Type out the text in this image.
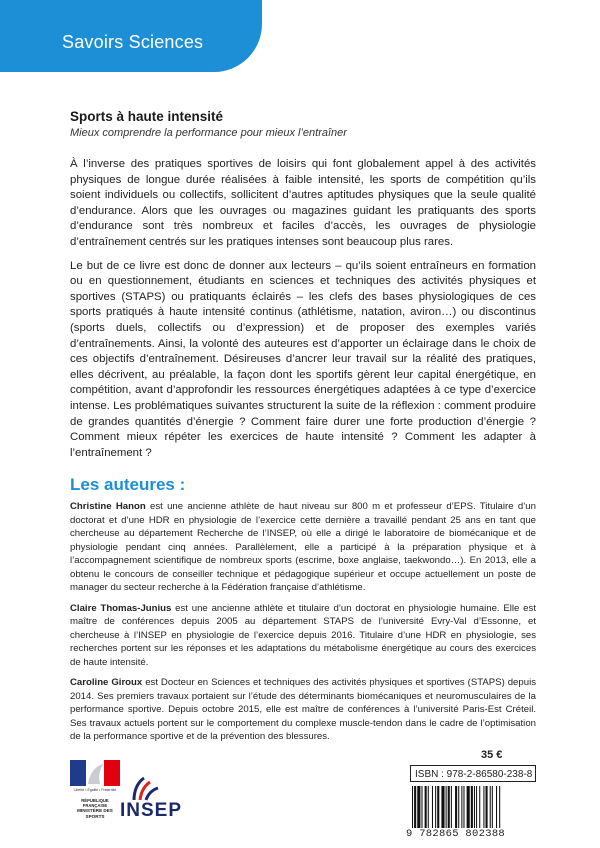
Savoirs Sciences
Sports à haute intensité
Mieux comprendre la performance pour mieux l’entraîner

À l’inverse des pratiques sportives de loisirs qui font globalement appel à des activités physiques de longue durée réalisées à faible intensité, les sports de compétition qu’ils soient individuels ou collectifs, sollicitent d’autres aptitudes physiques que la seule qualité d’endurance. Alors que les ouvrages ou magazines guidant les pratiquants des sports d’endurance sont très nombreux et faciles d’accès, les ouvrages de physiologie d’entraînement centrés sur les pratiques intenses sont beaucoup plus rares.

Le but de ce livre est donc de donner aux lecteurs – qu’ils soient entraîneurs en formation ou en questionnement, étudiants en sciences et techniques des activités physiques et sportives (STAPS) ou pratiquants éclairés – les clefs des bases physiologiques de ces sports pratiqués à haute intensité continus (athlétisme, natation, aviron…) ou discontinus (sports duels, collectifs ou d’expression) et de proposer des exemples variés d’entraînements. Ainsi, la volonté des auteures est d’apporter un éclairage dans le choix de ces objectifs d’entraînement. Désireuses d’ancrer leur travail sur la réalité des pratiques, elles décrivent, au préalable, la façon dont les sportifs gèrent leur capital énergétique, en compétition, avant d’approfondir les ressources énergétiques adaptées à ce type d’exercice intense. Les problématiques suivantes structurent la suite de la réflexion : comment produire de grandes quantités d’énergie ? Comment faire durer une forte production d’énergie ? Comment mieux répéter les exercices de haute intensité ? Comment les adapter à l’entraînement ?

Les auteures :

Christine Hanon est une ancienne athlète de haut niveau sur 800 m et professeur d’EPS. Titulaire d’un doctorat et d’une HDR en physiologie de l’exercice cette dernière a travaillé pendant 25 ans en tant que chercheuse au département Recherche de l’INSEP, où elle a dirigé le laboratoire de biomécanique et de physiologie pendant cinq années. Parallèlement, elle a participé à la préparation physique et à l’accompagnement scientifique de nombreux sports (escrime, boxe anglaise, taekwondo…). En 2013, elle a obtenu le concours de conseiller technique et pédagogique supérieur et occupe actuellement un poste de manager du secteur recherche à la Fédération française d’athlétisme.

Claire Thomas-Junius est une ancienne athlète et titulaire d’un doctorat en physiologie humaine. Elle est maître de conférences depuis 2005 au département STAPS de l’université Evry-Val d’Essonne, et chercheuse à l’INSEP en physiologie de l’exercice depuis 2016. Titulaire d’une HDR en physiologie, ses recherches portent sur les réponses et les adaptations du métabolisme énergétique au cours des exercices de haute intensité.

Caroline Giroux est Docteur en Sciences et techniques des activités physiques et sportives (STAPS) depuis 2014. Ses premiers travaux portaient sur l’étude des déterminants biomécaniques et neuromusculaires de la performance sportive. Depuis octobre 2015, elle est maître de conférences à l’université Paris-Est Créteil. Ses travaux actuels portent sur le comportement du complexe muscle-tendon dans le cadre de l’optimisation de la performance sportive et de la prévention des blessures.

Liberté • Égalité • Fraternité
RÉPUBLIQUE FRANÇAISE
MINISTÈRE DES SPORTS INSEP
35 €
ISBN : 978-2-86580-238-8
9 782865 802388
